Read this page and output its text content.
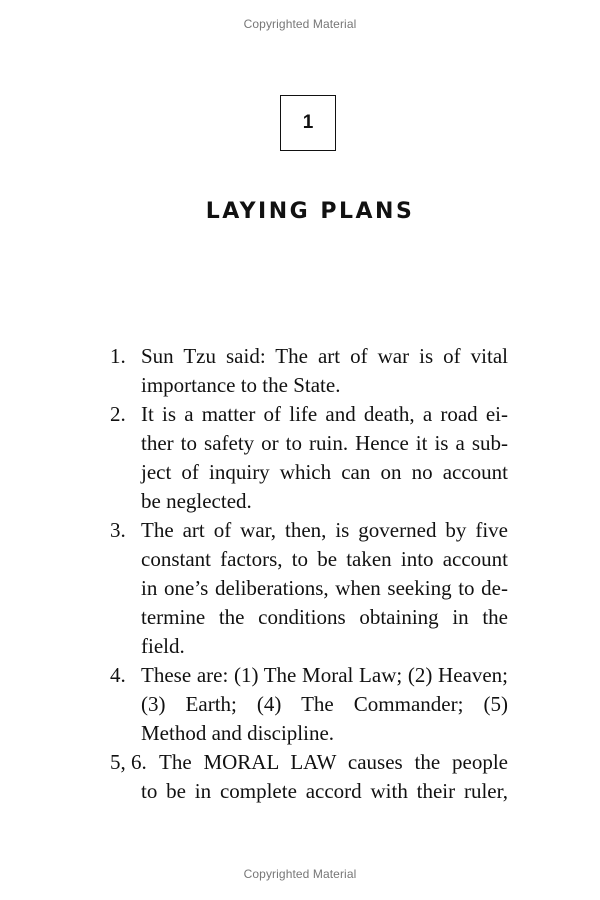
Copyrighted Material
1
LAYING PLANS
1. Sun Tzu said: The art of war is of vital
importance to the State.
2. It is a matter of life and death, a road ei-
ther to safety or to ruin. Hence it is a sub-
ject of inquiry which can on no account
be neglected.
3. The art of war, then, is governed by five
constant factors, to be taken into account
in one’s deliberations, when seeking to de-
termine the conditions obtaining in the
field.
4. These are: (1) The Moral Law; (2) Heaven;
(3) Earth; (4) The Commander; (5)
Method and discipline.
5, 6. The MORAL LAW causes the people
to be in complete accord with their ruler,
Copyrighted Material
